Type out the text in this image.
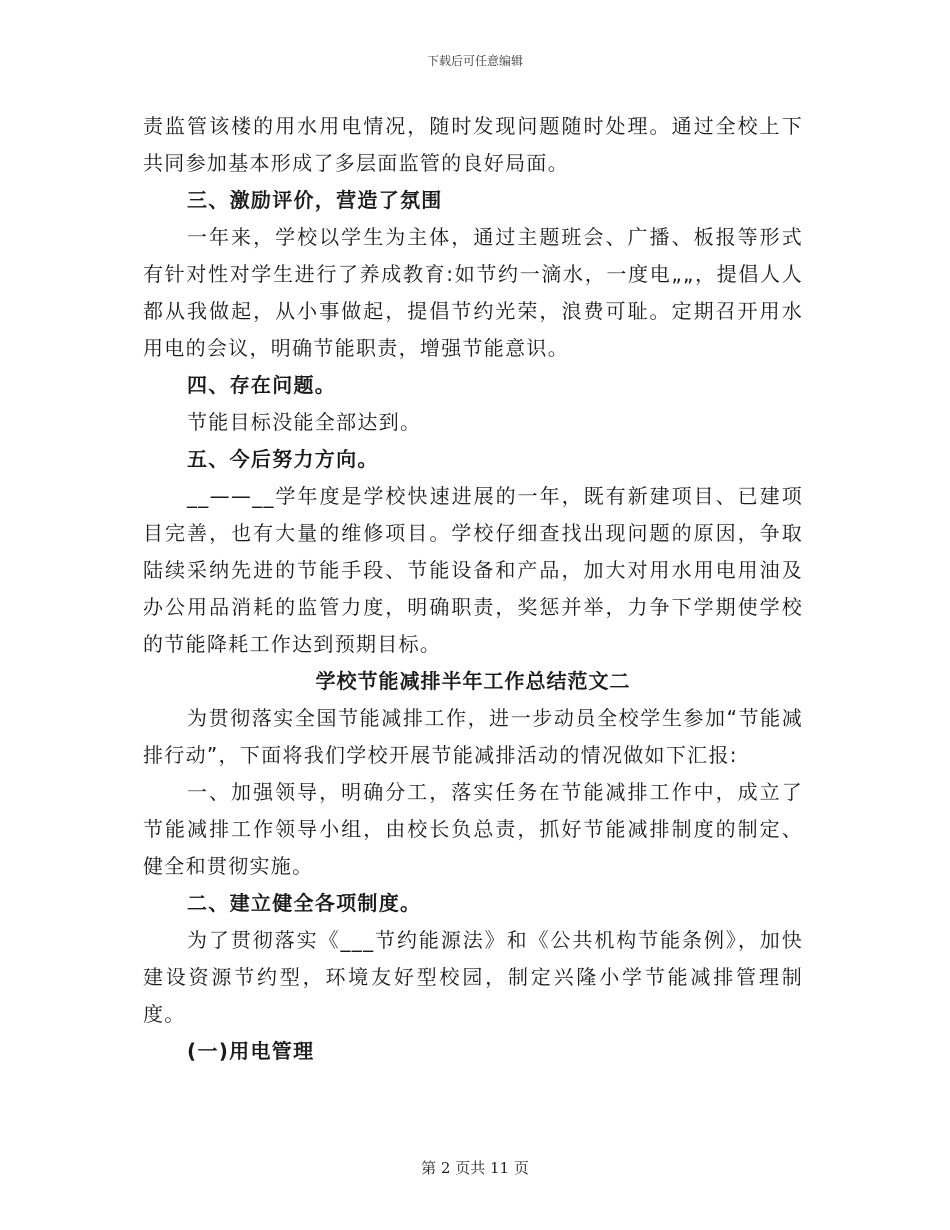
下载后可任意编辑

责监管该楼的用水用电情况，随时发现问题随时处理。通过全校上下共同参加基本形成了多层面监管的良好局面。

三、激励评价，营造了氛围

一年来，学校以学生为主体，通过主题班会、广播、板报等形式有针对性对学生进行了养成教育:如节约一滴水，一度电„„，提倡人人都从我做起，从小事做起，提倡节约光荣，浪费可耻。定期召开用水用电的会议，明确节能职责，增强节能意识。

四、存在问题。

节能目标没能全部达到。

五、今后努力方向。

__——__学年度是学校快速进展的一年，既有新建项目、已建项目完善，也有大量的维修项目。学校仔细查找出现问题的原因，争取陆续采纳先进的节能手段、节能设备和产品，加大对用水用电用油及办公用品消耗的监管力度，明确职责，奖惩并举，力争下学期使学校的节能降耗工作达到预期目标。

学校节能减排半年工作总结范文二

为贯彻落实全国节能减排工作，进一步动员全校学生参加“节能减排行动”，下面将我们学校开展节能减排活动的情况做如下汇报:

一、加强领导，明确分工，落实任务在节能减排工作中，成立了节能减排工作领导小组，由校长负总责，抓好节能减排制度的制定、健全和贯彻实施。

二、建立健全各项制度。

为了贯彻落实《___节约能源法》和《公共机构节能条例》，加快建设资源节约型，环境友好型校园，制定兴隆小学节能减排管理制度。

(一)用电管理

第 2 页共 11 页
